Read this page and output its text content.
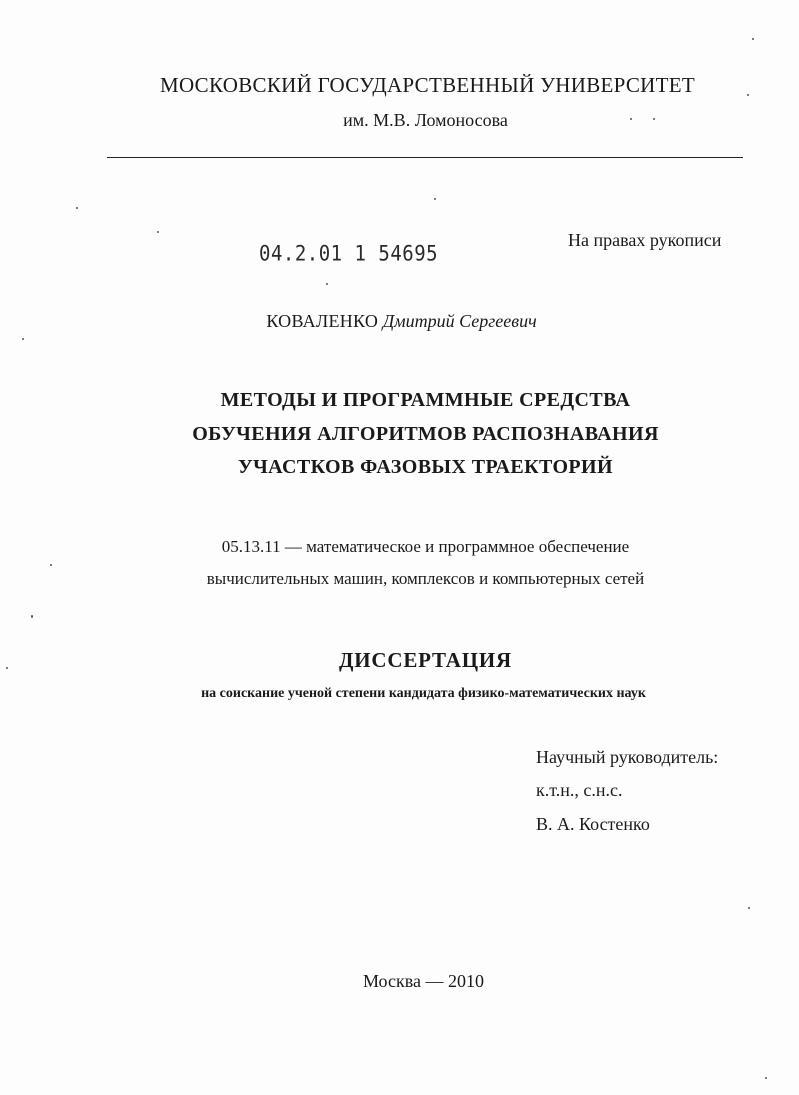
МОСКОВСКИЙ ГОСУДАРСТВЕННЫЙ УНИВЕРСИТЕТ
им. М.В. Ломоносова
04.2.01 1 54695
На правах рукописи
КОВАЛЕНКО Дмитрий Сергеевич
МЕТОДЫ И ПРОГРАММНЫЕ СРЕДСТВА
ОБУЧЕНИЯ АЛГОРИТМОВ РАСПОЗНАВАНИЯ
УЧАСТКОВ ФАЗОВЫХ ТРАЕКТОРИЙ
05.13.11 — математическое и программное обеспечение
вычислительных машин, комплексов и компьютерных сетей
ДИССЕРТАЦИЯ
на соискание ученой степени кандидата физико-математических наук
Научный руководитель:
к.т.н., с.н.с.
В. А. Костенко
Москва — 2010
